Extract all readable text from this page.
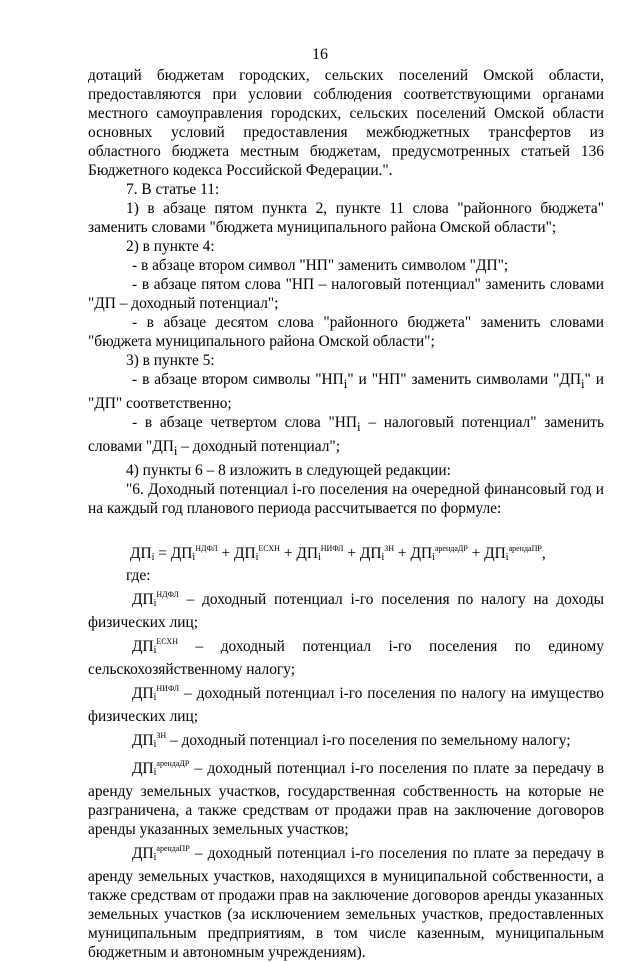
16

дотаций бюджетам городских, сельских поселений Омской области, предоставляются при условии соблюдения соответствующими органами местного самоуправления городских, сельских поселений Омской области основных условий предоставления межбюджетных трансфертов из областного бюджета местным бюджетам, предусмотренных статьей 136 Бюджетного кодекса Российской Федерации.".

7. В статье 11:

1) в абзаце пятом пункта 2, пункте 11 слова "районного бюджета" заменить словами "бюджета муниципального района Омской области";

2) в пункте 4:

- в абзаце втором символ "НП" заменить символом "ДП";

- в абзаце пятом слова "НП – налоговый потенциал" заменить словами "ДП – доходный потенциал";

- в абзаце десятом слова "районного бюджета" заменить словами "бюджета муниципального района Омской области";

3) в пункте 5:

- в абзаце втором символы "$НП_i$" и "НП" заменить символами "$ДП_i$" и "ДП" соответственно;

- в абзаце четвертом слова "$НП_i$ – налоговый потенциал" заменить словами "$ДП_i$ – доходный потенциал";

4) пункты 6 – 8 изложить в следующей редакции:

"6. Доходный потенциал i-го поселения на очередной финансовый год и на каждый год планового периода рассчитывается по формуле:

$ДП_i = ДП_i^{НДФЛ} + ДП_i^{ЕСХН} + ДП_i^{НИФЛ} + ДП_i^{ЗН} + ДП_i^{арендаДР} + ДП_i^{арендаПР}$,

где:

$ДП_i^{НДФЛ}$ – доходный потенциал i-го поселения по налогу на доходы физических лиц;

$ДП_i^{ЕСХН}$ – доходный потенциал i-го поселения по единому сельскохозяйственному налогу;

$ДП_i^{НИФЛ}$ – доходный потенциал i-го поселения по налогу на имущество физических лиц;

$ДП_i^{ЗН}$ – доходный потенциал i-го поселения по земельному налогу;

$ДП_i^{арендаДР}$ – доходный потенциал i-го поселения по плате за передачу в аренду земельных участков, государственная собственность на которые не разграничена, а также средствам от продажи прав на заключение договоров аренды указанных земельных участков;

$ДП_i^{арендаПР}$ – доходный потенциал i-го поселения по плате за передачу в аренду земельных участков, находящихся в муниципальной собственности, а также средствам от продажи прав на заключение договоров аренды указанных земельных участков (за исключением земельных участков, предоставленных муниципальным предприятиям, в том числе казенным, муниципальным бюджетным и автономным учреждениям).
